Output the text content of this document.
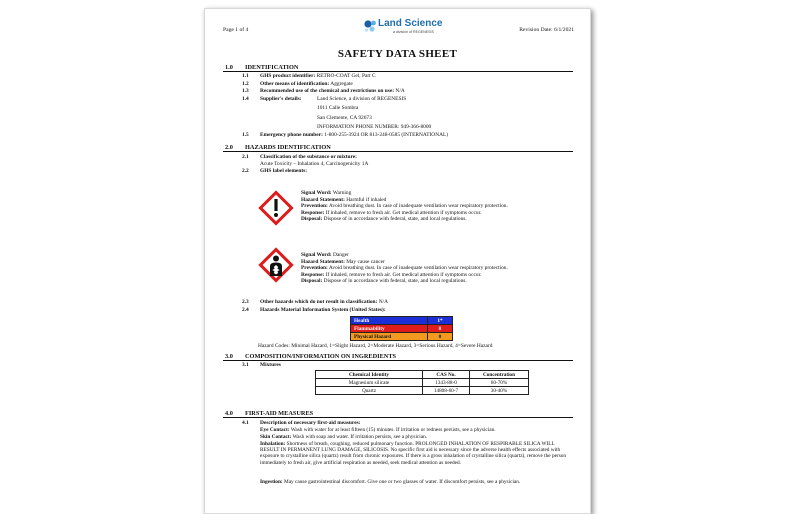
Page 1 of 4	Revision Date: 6/1/2021
Land Science
a division of REGENESIS
SAFETY DATA SHEET
1.0 IDENTIFICATION
1.1 GHS product identifier: RETRO-COAT Gel, Part C
1.2 Other means of identification: Aggregate
1.3 Recommended use of the chemical and restrictions on use: N/A
1.4 Supplier's details:	Land Science, a division of REGENESIS
1011 Calle Sombra
San Clemente, CA 92673
INFORMATION PHONE NUMBER: 949-366-8000
1.5 Emergency phone number: 1-800-255-3924 OR 813-248-0585 (INTERNATIONAL)
2.0 HAZARDS IDENTIFICATION
2.1 Classification of the substance or mixture:
Acute Toxicity – Inhalation 4, Carcinogenicity 1A
2.2 GHS label elements:
Signal Word: Warning
Hazard Statement: Harmful if inhaled
Prevention: Avoid breathing dust. In case of inadequate ventilation wear respiratory protection.
Response: If inhaled, remove to fresh air. Get medical attention if symptoms occur.
Disposal: Dispose of in accordance with federal, state, and local regulations.
Signal Word: Danger
Hazard Statement: May cause cancer
Prevention: Avoid breathing dust. In case of inadequate ventilation wear respiratory protection.
Response: If inhaled, remove to fresh air. Get medical attention if symptoms occur.
Disposal: Dispose of in accordance with federal, state, and local regulations.
2.3 Other hazards which do not result in classification: N/A
2.4 Hazards Material Information System (United States):
Health	1*
Flammability	0
Physical Hazard	0
Hazard Codes: Minimal Hazard, 1=Slight Hazard, 2=Moderate Hazard, 3=Serious Hazard, 4=Severe Hazard
3.0 COMPOSITION/INFORMATION ON INGREDIENTS
3.1 Mixtures
Chemical Identity	CAS No.	Concentration
Magnesium silicate	1343-88-0	60-70%
Quartz	14808-60-7	30-40%
4.0 FIRST-AID MEASURES
4.1 Description of necessary first-aid measures:
Eye Contact: Wash with water for at least fifteen (15) minutes. If irritation or redness persists, see a physician.
Skin Contact: Wash with soap and water. If irritation persists, see a physician.
Inhalation: Shortness of breath, coughing, reduced pulmonary function. PROLONGED INHALATION OF RESPIRABLE SILICA WILL RESULT IN PERMANENT LUNG DAMAGE, SILICOSIS. No specific first aid is necessary since the adverse health effects associated with exposure to crystalline silica (quartz) result from chronic exposures. If there is a gross inhalation of crystalline silica (quartz), remove the person immediately to fresh air, give artificial respiration as needed, seek medical attention as needed.
Ingestion: May cause gastrointestinal discomfort. Give one or two glasses of water. If discomfort persists, see a physician.
